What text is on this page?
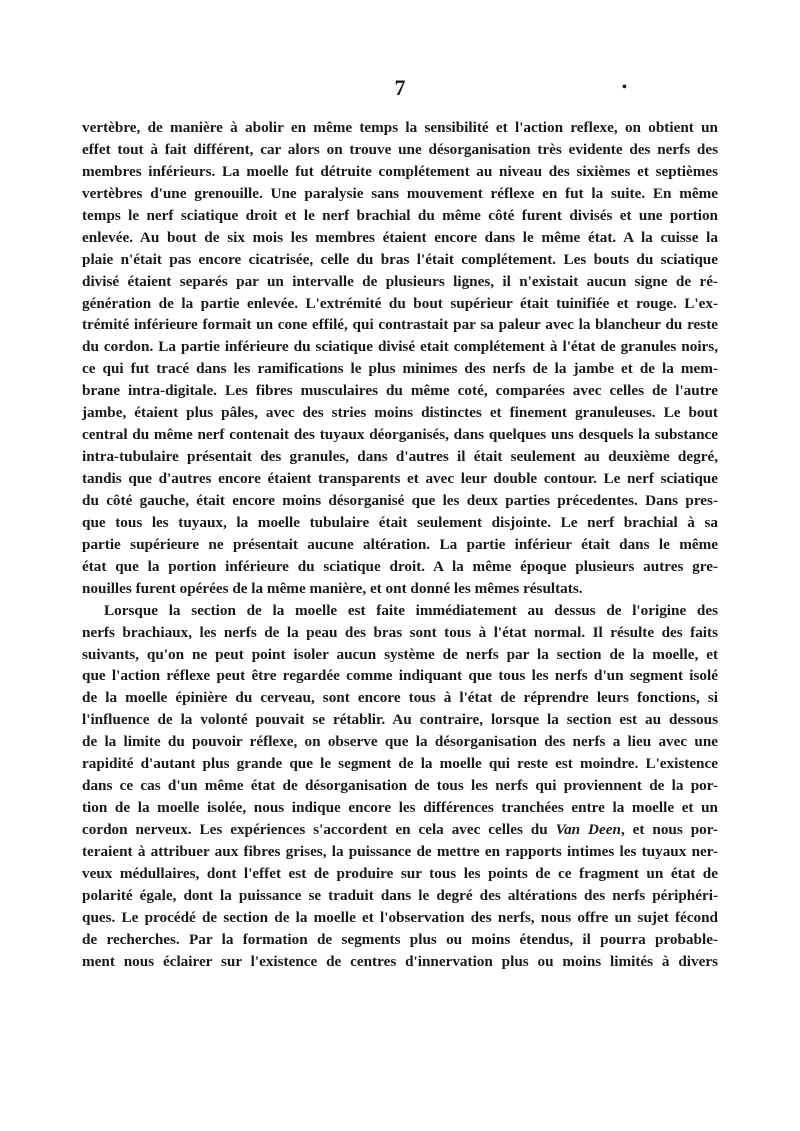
7	•
vertèbre, de manière à abolir en même temps la sensibilité et l'action reflexe, on obtient un
effet tout à fait différent, car alors on trouve une désorganisation très evidente des nerfs des
membres inférieurs. La moelle fut détruite complétement au niveau des sixièmes et septièmes
vertèbres d'une grenouille. Une paralysie sans mouvement réflexe en fut la suite. En même
temps le nerf sciatique droit et le nerf brachial du même côté furent divisés et une portion
enlevée. Au bout de six mois les membres étaient encore dans le même état. A la cuisse la
plaie n'était pas encore cicatrisée, celle du bras l'était complétement. Les bouts du sciatique
divisé étaient separés par un intervalle de plusieurs lignes, il n'existait aucun signe de ré-
génération de la partie enlevée. L'extrémité du bout supérieur était tuinifiée et rouge. L'ex-
trémité inférieure formait un cone effilé, qui contrastait par sa paleur avec la blancheur du reste
du cordon. La partie inférieure du sciatique divisé etait complétement à l'état de granules noirs,
ce qui fut tracé dans les ramifications le plus minimes des nerfs de la jambe et de la mem-
brane intra-digitale. Les fibres musculaires du même coté, comparées avec celles de l'autre
jambe, étaient plus pâles, avec des stries moins distinctes et finement granuleuses. Le bout
central du même nerf contenait des tuyaux déorganisés, dans quelques uns desquels la substance
intra-tubulaire présentait des granules, dans d'autres il était seulement au deuxième degré,
tandis que d'autres encore étaient transparents et avec leur double contour. Le nerf sciatique
du côté gauche, était encore moins désorganisé que les deux parties précedentes. Dans pres-
que tous les tuyaux, la moelle tubulaire était seulement disjointe. Le nerf brachial à sa
partie supérieure ne présentait aucune altération. La partie inférieur était dans le même
état que la portion inférieure du sciatique droit. A la même époque plusieurs autres gre-
nouilles furent opérées de la même manière, et ont donné les mêmes résultats.
Lorsque la section de la moelle est faite immédiatement au dessus de l'origine des
nerfs brachiaux, les nerfs de la peau des bras sont tous à l'état normal. Il résulte des faits
suivants, qu'on ne peut point isoler aucun système de nerfs par la section de la moelle, et
que l'action réflexe peut être regardée comme indiquant que tous les nerfs d'un segment isolé
de la moelle épinière du cerveau, sont encore tous à l'état de réprendre leurs fonctions, si
l'influence de la volonté pouvait se rétablir. Au contraire, lorsque la section est au dessous
de la limite du pouvoir réflexe, on observe que la désorganisation des nerfs a lieu avec une
rapidité d'autant plus grande que le segment de la moelle qui reste est moindre. L'existence
dans ce cas d'un même état de désorganisation de tous les nerfs qui proviennent de la por-
tion de la moelle isolée, nous indique encore les différences tranchées entre la moelle et un
cordon nerveux. Les expériences s'accordent en cela avec celles du Van Deen, et nous por-
teraient à attribuer aux fibres grises, la puissance de mettre en rapports intimes les tuyaux ner-
veux médullaires, dont l'effet est de produire sur tous les points de ce fragment un état de
polarité égale, dont la puissance se traduit dans le degré des altérations des nerfs périphéri-
ques. Le procédé de section de la moelle et l'observation des nerfs, nous offre un sujet fécond
de recherches. Par la formation de segments plus ou moins étendus, il pourra probable-
ment nous éclairer sur l'existence de centres d'innervation plus ou moins limités à divers
